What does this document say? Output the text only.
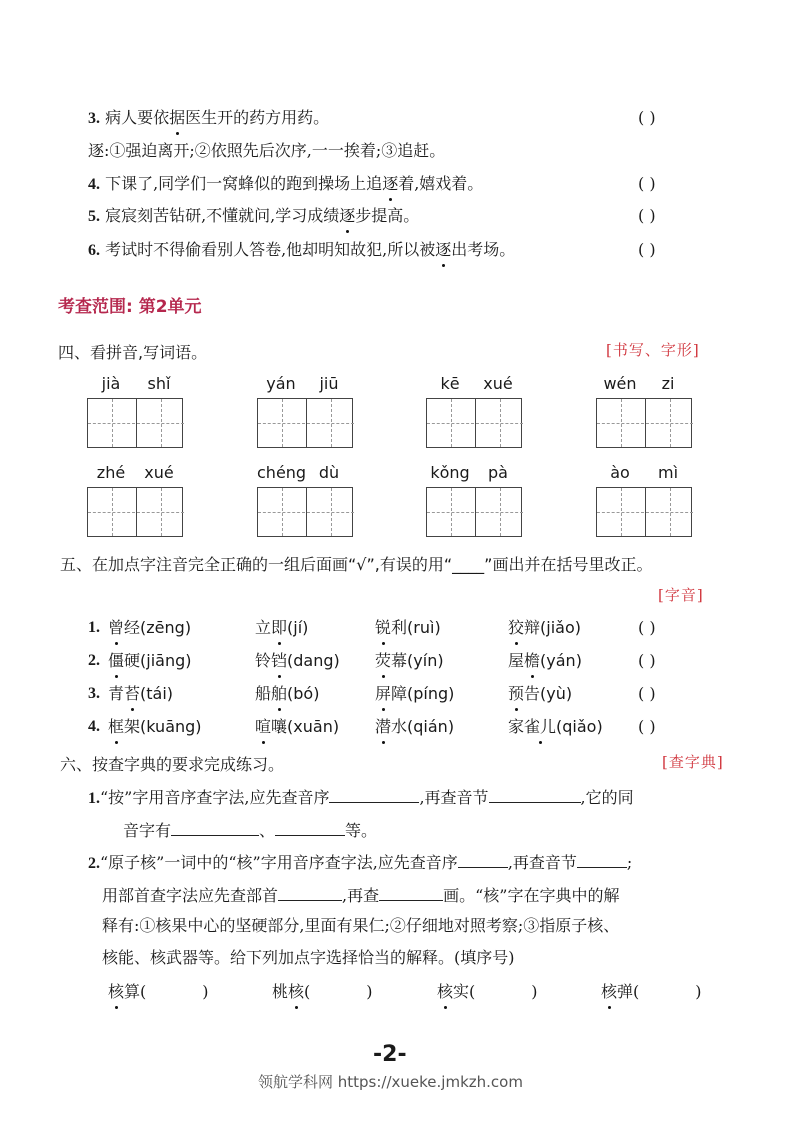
3. 病人要依据医生开的药方用药。	( )
逐:①强迫离开;②依照先后次序,一一挨着;③追赶。
4. 下课了,同学们一窝蜂似的跑到操场上追逐着,嬉戏着。	( )
5. 宸宸刻苦钻研,不懂就问,学习成绩逐步提高。	( )
6. 考试时不得偷看别人答卷,他却明知故犯,所以被逐出考场。	( )
考查范围: 第2单元
四、看拼音,写词语。	[书写、字形]
jià	shǐ	yán	jiū	kē	xué	wén	zi
zhé	xué	chéng dù	kǒng	pà	ào	mì
五、在加点字注音完全正确的一组后面画“√”,有误的用“____”画出并在括号里改正。
[字音]
1. 曾经(zēng)	立即(jí)	锐利(ruì)	狡辩(jiǎo)	( )
2. 僵硬(jiāng)	铃铛(dang) 荧幕(yín)	屋檐(yán)	( )
3. 青苔(tái)	船舶(bó)	屏障(píng)	预告(yù)	( )
4. 框架(kuāng)	喧嚷(xuān) 潜水(qián)	家雀儿(qiǎo) ( )
六、按查字典的要求完成练习。	[查字典]
1.“按”字用音序查字法,应先查音序	,再查音节	,它的同
音字有	、	等。
2.“原子核”一词中的“核”字用音序查字法,应先查音序	,再查音节	;
用部首查字法应先查部首	,再查	画。“核”字在字典中的解
释有:①核果中心的坚硬部分,里面有果仁;②仔细地对照考察;③指原子核、
核能、核武器等。给下列加点字选择恰当的解释。(填序号)
核算(	)	桃核(	)	核实(	)	核弹(	)
-2-
领航学科网 https://xueke.jmkzh.com
